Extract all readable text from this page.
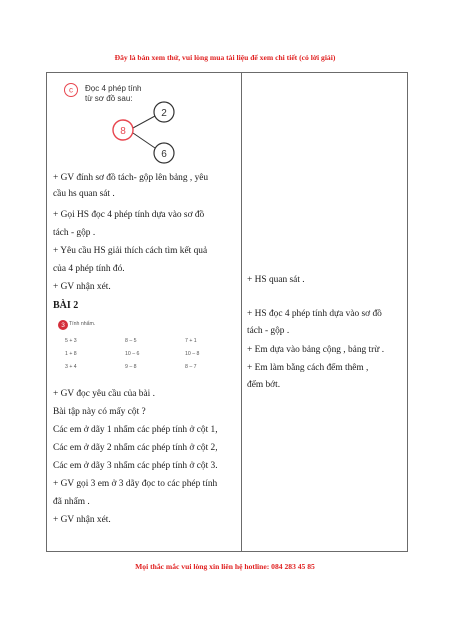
Đây là bản xem thử, vui lòng mua tài liệu để xem chi tiết (có lời giải)
c Đọc 4 phép tính
từ sơ đồ sau:
8
2
6
+ GV đính sơ đồ tách- gộp lên bảng , yêu
cầu hs quan sát .
+ Gọi HS đọc 4 phép tính dựa vào sơ đồ
tách - gộp .
+ Yêu cầu HS giải thích cách tìm kết quả
của 4 phép tính đó.
+ GV nhận xét.
BÀI 2
3 Tính nhẩm.
5 + 3	8 – 5	7 + 1
1 + 8	10 – 6	10 – 8
3 + 4	9 – 8	8 – 7
+ GV đọc yêu cầu của bài .
Bài tập này có mấy cột ?
Các em ở dãy 1 nhẩm các phép tính ở cột 1,
Các em ở dãy 2 nhẩm các phép tính ở cột 2,
Các em ở dãy 3 nhẩm các phép tính ở cột 3.
+ GV gọi 3 em ở 3 dãy đọc to các phép tính
đã nhẩm .
+ GV nhận xét.
+ HS quan sát .
+ HS đọc 4 phép tính dựa vào sơ đồ
tách - gộp .
+ Em dựa vào bảng cộng , bảng trừ .
+ Em làm bằng cách đếm thêm ,
đếm bớt.
Mọi thắc mắc vui lòng xin liên hệ hotline: 084 283 45 85
